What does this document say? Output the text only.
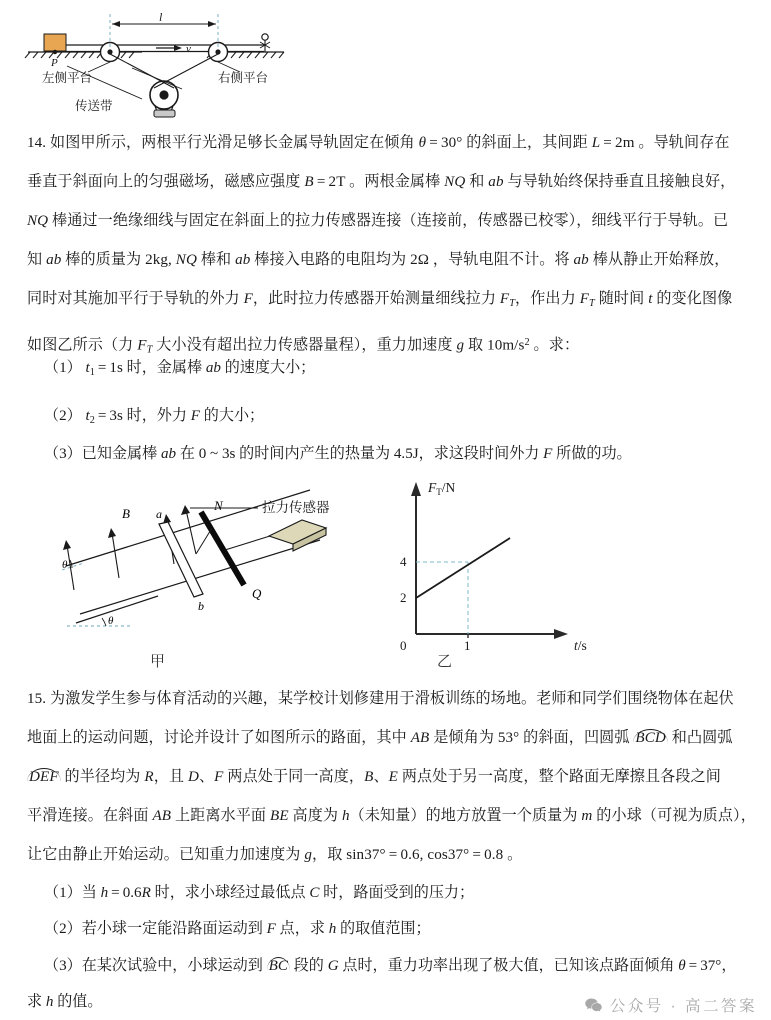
P
l
v
左侧平台	右侧平台
传送带
14. 如图甲所示，两根平行光滑足够长金属导轨固定在倾角 θ = 30° 的斜面上，其间距 L = 2m 。导轨间存在
垂直于斜面向上的匀强磁场，磁感应强度 B = 2T 。两根金属棒 NQ 和 ab 与导轨始终保持垂直且接触良好，
NQ 棒通过一绝缘细线与固定在斜面上的拉力传感器连接（连接前，传感器已校零），细线平行于导轨。已
知 ab 棒的质量为 2kg, NQ 棒和 ab 棒接入电路的电阻均为 2Ω ，导轨电阻不计。将 ab 棒从静止开始释放，
同时对其施加平行于导轨的外力 F，此时拉力传感器开始测量细线拉力 $F_T$，作出力 $F_T$ 随时间 t 的变化图像
如图乙所示（力 $F_T$ 大小没有超出拉力传感器量程），重力加速度 g 取 $10m/s^2$ 。求：
（1） $t_1 = 1s$ 时，金属棒 ab 的速度大小；
（2） $t_2 = 3s$ 时，外力 F 的大小；
（3）已知金属棒 ab 在 0 ~ 3s 的时间内产生的热量为 4.5J，求这段时间外力 F 所做的功。
θ
θ
B a
b
N
Q
拉力传感器
甲
$F_T/N$
t/s
0
4
2
1
乙
15. 为激发学生参与体育活动的兴趣，某学校计划修建用于滑板训练的场地。老师和同学们围绕物体在起伏
地面上的运动问题，讨论并设计了如图所示的路面，其中 AB 是倾角为 53° 的斜面，凹圆弧 BCD 和凸圆弧
DEF 的半径均为 R，且 D、F 两点处于同一高度，B、E 两点处于另一高度，整个路面无摩擦且各段之间
平滑连接。在斜面 AB 上距离水平面 BE 高度为 h（未知量）的地方放置一个质量为 m 的小球（可视为质点），
让它由静止开始运动。已知重力加速度为 g，取 sin37° = 0.6, cos37° = 0.8 。
（1）当 h = 0.6R 时，求小球经过最低点 C 时，路面受到的压力；
（2）若小球一定能沿路面运动到 F 点，求 h 的取值范围；
（3）在某次试验中，小球运动到 BC 段的 G 点时，重力功率出现了极大值，已知该点路面倾角 θ = 37°，
求 h 的值。	公众号 · 高二答案
